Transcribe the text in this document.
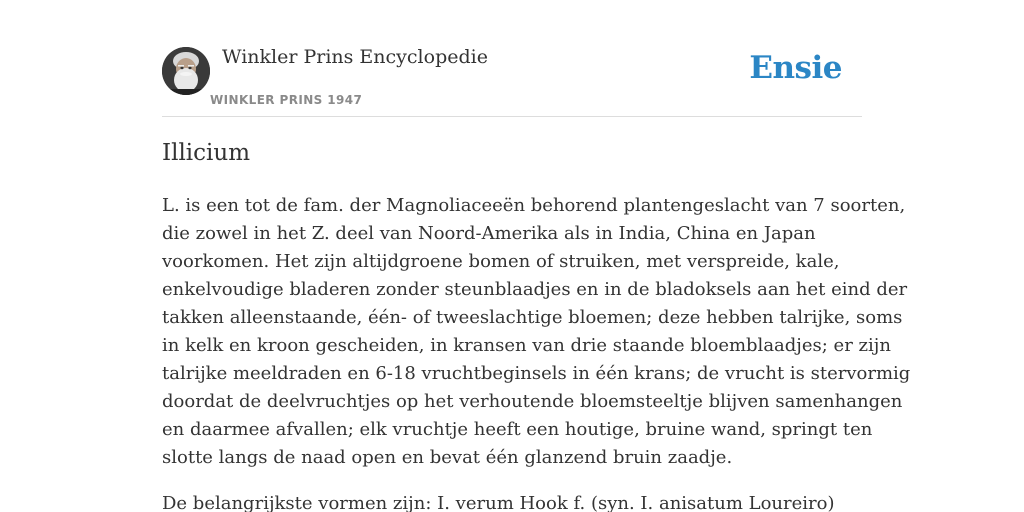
Winkler Prins Encyclopedie
WINKLER PRINS 1947
Ensie
Illicium

L. is een tot de fam. der Magnoliaceeën behorend plantengeslacht van 7 soorten,
die zowel in het Z. deel van Noord-Amerika als in India, China en Japan
voorkomen. Het zijn altijdgroene bomen of struiken, met verspreide, kale,
enkelvoudige bladeren zonder steunblaadjes en in de bladoksels aan het eind der
takken alleenstaande, één- of tweeslachtige bloemen; deze hebben talrijke, soms
in kelk en kroon gescheiden, in kransen van drie staande bloemblaadjes; er zijn
talrijke meeldraden en 6-18 vruchtbeginsels in één krans; de vrucht is stervormig
doordat de deelvruchtjes op het verhoutende bloemsteeltje blijven samenhangen
en daarmee afvallen; elk vruchtje heeft een houtige, bruine wand, springt ten
slotte langs de naad open en bevat één glanzend bruin zaadje.

De belangrijkste vormen zijn: I. verum Hook f. (syn. I. anisatum Loureiro)
